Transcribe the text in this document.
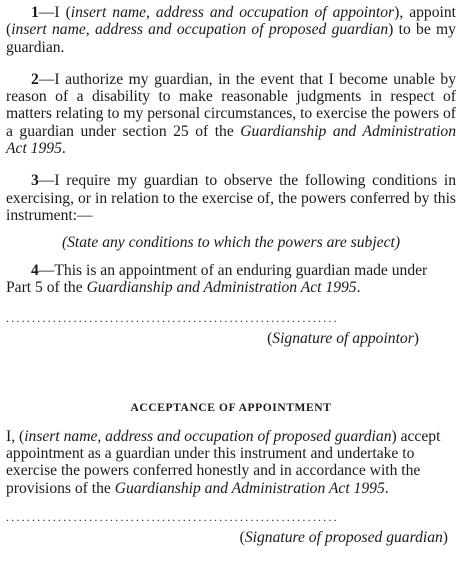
1—I (insert name, address and occupation of appointor), appoint (insert name, address and occupation of proposed guardian) to be my guardian.

2—I authorize my guardian, in the event that I become unable by reason of a disability to make reasonable judgments in respect of matters relating to my personal circumstances, to exercise the powers of a guardian under section 25 of the Guardianship and Administration Act 1995.

3—I require my guardian to observe the following conditions in exercising, or in relation to the exercise of, the powers conferred by this instrument:—

(State any conditions to which the powers are subject)

4—This is an appointment of an enduring guardian made under Part 5 of the Guardianship and Administration Act 1995.

................................................................

(Signature of appointor)

ACCEPTANCE OF APPOINTMENT

I, (insert name, address and occupation of proposed guardian) accept appointment as a guardian under this instrument and undertake to exercise the powers conferred honestly and in accordance with the provisions of the Guardianship and Administration Act 1995.

................................................................

(Signature of proposed guardian)
